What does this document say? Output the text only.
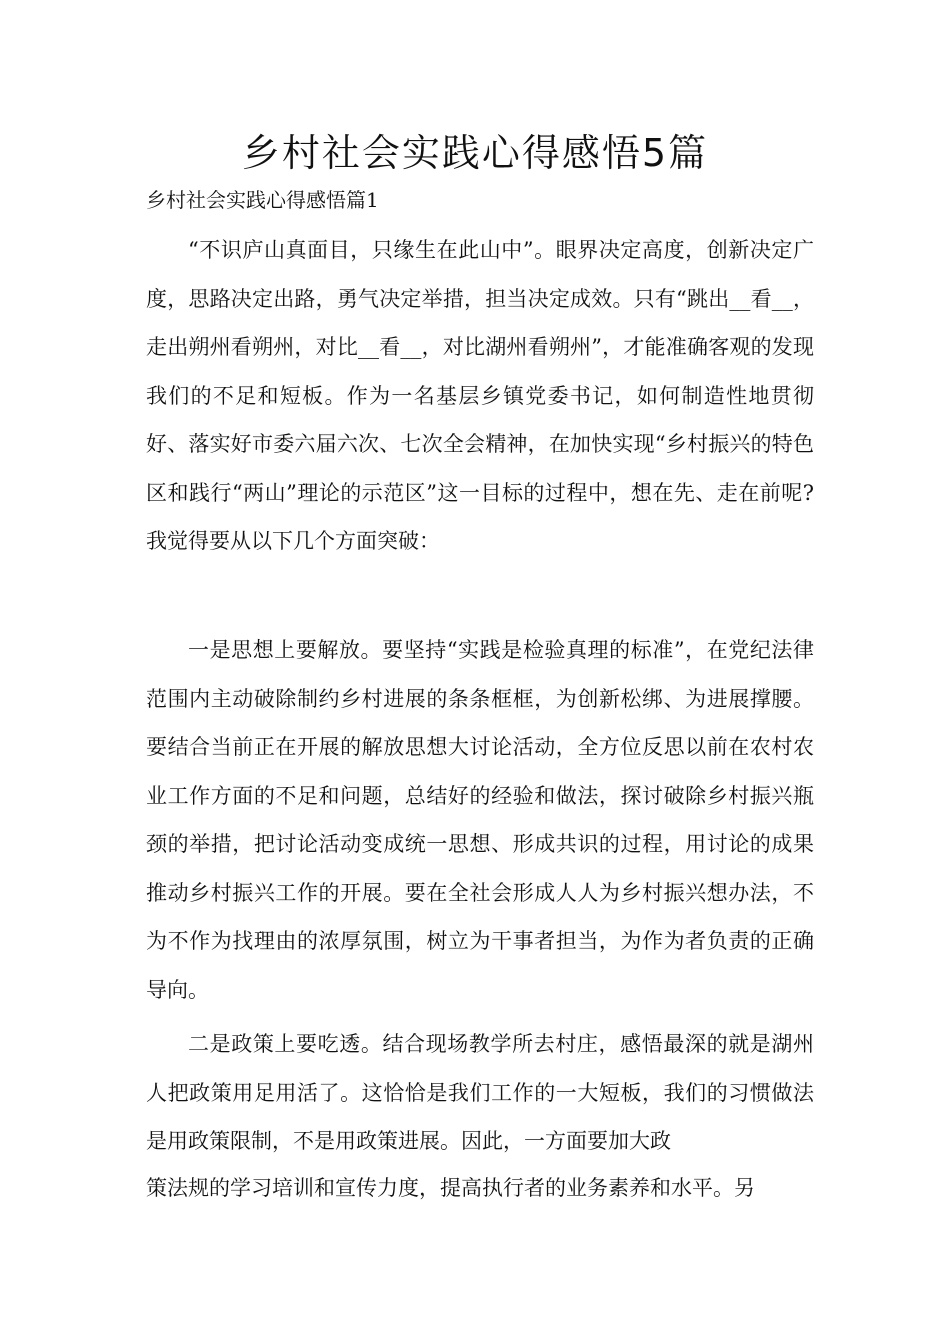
乡村社会实践心得感悟5篇
乡村社会实践心得感悟篇1

“不识庐山真面目，只缘生在此山中”。眼界决定高度，创新决定广度，思路决定出路，勇气决定举措，担当决定成效。只有“跳出__看__，走出朔州看朔州，对比__看__，对比湖州看朔州”，才能准确客观的发现我们的不足和短板。作为一名基层乡镇党委书记，如何制造性地贯彻好、落实好市委六届六次、七次全会精神，在加快实现“乡村振兴的特色区和践行“两山”理论的示范区”这一目标的过程中，想在先、走在前呢?我觉得要从以下几个方面突破：

一是思想上要解放。要坚持“实践是检验真理的标准”，在党纪法律范围内主动破除制约乡村进展的条条框框，为创新松绑、为进展撑腰。要结合当前正在开展的解放思想大讨论活动，全方位反思以前在农村农业工作方面的不足和问题，总结好的经验和做法，探讨破除乡村振兴瓶颈的举措，把讨论活动变成统一思想、形成共识的过程，用讨论的成果推动乡村振兴工作的开展。要在全社会形成人人为乡村振兴想办法，不为不作为找理由的浓厚氛围，树立为干事者担当，为作为者负责的正确导向。

二是政策上要吃透。结合现场教学所去村庄，感悟最深的就是湖州人把政策用足用活了。这恰恰是我们工作的一大短板，我们的习惯做法是用政策限制，不是用政策进展。因此，一方面要加大政

策法规的学习培训和宣传力度，提高执行者的业务素养和水平。另
